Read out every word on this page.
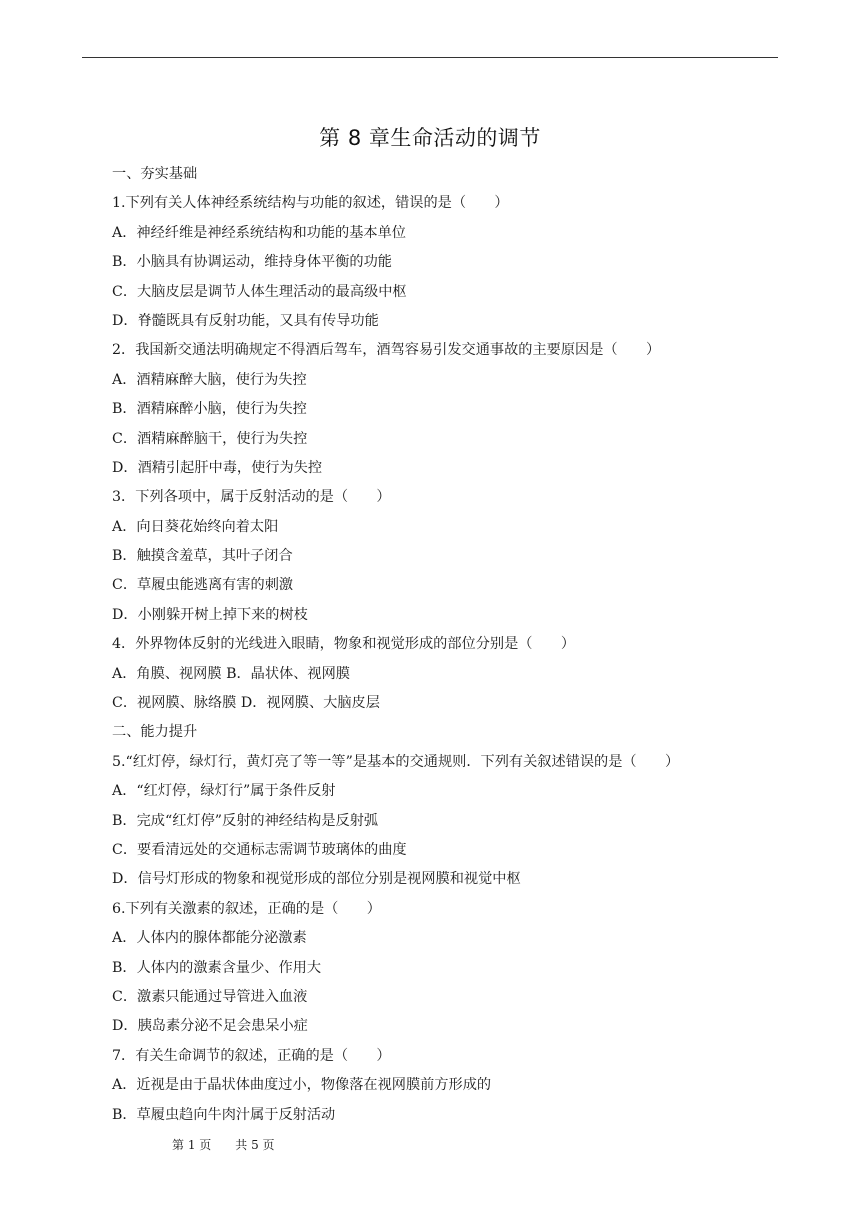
第 8 章生命活动的调节
一、夯实基础
1.下列有关人体神经系统结构与功能的叙述，错误的是（　　）
A．神经纤维是神经系统结构和功能的基本单位
B．小脑具有协调运动，维持身体平衡的功能
C．大脑皮层是调节人体生理活动的最高级中枢
D．脊髓既具有反射功能，又具有传导功能
2．我国新交通法明确规定不得酒后驾车，酒驾容易引发交通事故的主要原因是（　　）
A．酒精麻醉大脑，使行为失控
B．酒精麻醉小脑，使行为失控
C．酒精麻醉脑干，使行为失控
D．酒精引起肝中毒，使行为失控
3．下列各项中，属于反射活动的是（　　）
A．向日葵花始终向着太阳
B．触摸含羞草，其叶子闭合
C．草履虫能逃离有害的刺激
D．小刚躲开树上掉下来的树枝
4．外界物体反射的光线进入眼睛，物象和视觉形成的部位分别是（　　）
A．角膜、视网膜 B．晶状体、视网膜
C．视网膜、脉络膜 D．视网膜、大脑皮层
二、能力提升
5.“红灯停，绿灯行，黄灯亮了等一等”是基本的交通规则．下列有关叙述错误的是（　　）
A．“红灯停，绿灯行”属于条件反射
B．完成“红灯停”反射的神经结构是反射弧
C．要看清远处的交通标志需调节玻璃体的曲度
D．信号灯形成的物象和视觉形成的部位分别是视网膜和视觉中枢
6.下列有关激素的叙述，正确的是（　　）
A．人体内的腺体都能分泌激素
B．人体内的激素含量少、作用大
C．激素只能通过导管进入血液
D．胰岛素分泌不足会患呆小症
7．有关生命调节的叙述，正确的是（　　）
A．近视是由于晶状体曲度过小，物像落在视网膜前方形成的
B．草履虫趋向牛肉汁属于反射活动
第 1 页　　共 5 页
